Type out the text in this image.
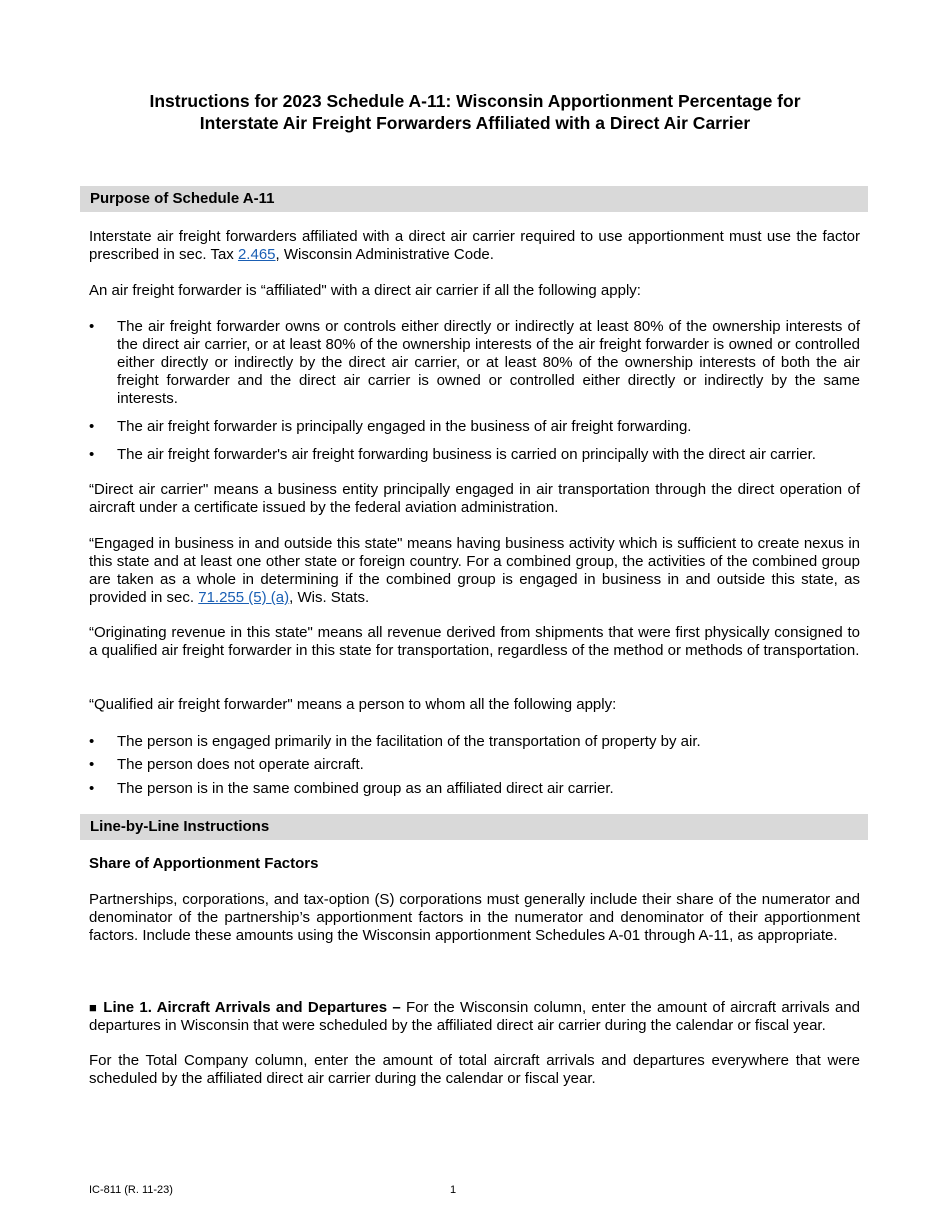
Instructions for 2023 Schedule A-11: Wisconsin Apportionment Percentage for
Interstate Air Freight Forwarders Affiliated with a Direct Air Carrier
Purpose of Schedule A-11

Interstate air freight forwarders affiliated with a direct air carrier required to use apportionment must use the factor prescribed in sec. Tax 2.465, Wisconsin Administrative Code.

An air freight forwarder is “affiliated" with a direct air carrier if all the following apply:

• The air freight forwarder owns or controls either directly or indirectly at least 80% of the ownership interests of the direct air carrier, or at least 80% of the ownership interests of the air freight forwarder is owned or controlled either directly or indirectly by the direct air carrier, or at least 80% of the ownership interests of both the air freight forwarder and the direct air carrier is owned or controlled either directly or indirectly by the same interests.
• The air freight forwarder is principally engaged in the business of air freight forwarding.
• The air freight forwarder's air freight forwarding business is carried on principally with the direct air carrier.

“Direct air carrier" means a business entity principally engaged in air transportation through the direct operation of aircraft under a certificate issued by the federal aviation administration.

“Engaged in business in and outside this state" means having business activity which is sufficient to create nexus in this state and at least one other state or foreign country. For a combined group, the activities of the combined group are taken as a whole in determining if the combined group is engaged in business in and outside this state, as provided in sec. 71.255 (5) (a), Wis. Stats.

“Originating revenue in this state" means all revenue derived from shipments that were first physically consigned to a qualified air freight forwarder in this state for transportation, regardless of the method or methods of transportation.

“Qualified air freight forwarder" means a person to whom all the following apply:

• The person is engaged primarily in the facilitation of the transportation of property by air.
• The person does not operate aircraft.
• The person is in the same combined group as an affiliated direct air carrier.
Line-by-Line Instructions
Share of Apportionment Factors

Partnerships, corporations, and tax-option (S) corporations must generally include their share of the numerator and denominator of the partnership’s apportionment factors in the numerator and denominator of their apportionment factors. Include these amounts using the Wisconsin apportionment Schedules A-01 through A-11, as appropriate.

■ Line 1. Aircraft Arrivals and Departures – For the Wisconsin column, enter the amount of aircraft arrivals and departures in Wisconsin that were scheduled by the affiliated direct air carrier during the calendar or fiscal year.

For the Total Company column, enter the amount of total aircraft arrivals and departures everywhere that were scheduled by the affiliated direct air carrier during the calendar or fiscal year.

IC-811 (R. 11-23)	1
